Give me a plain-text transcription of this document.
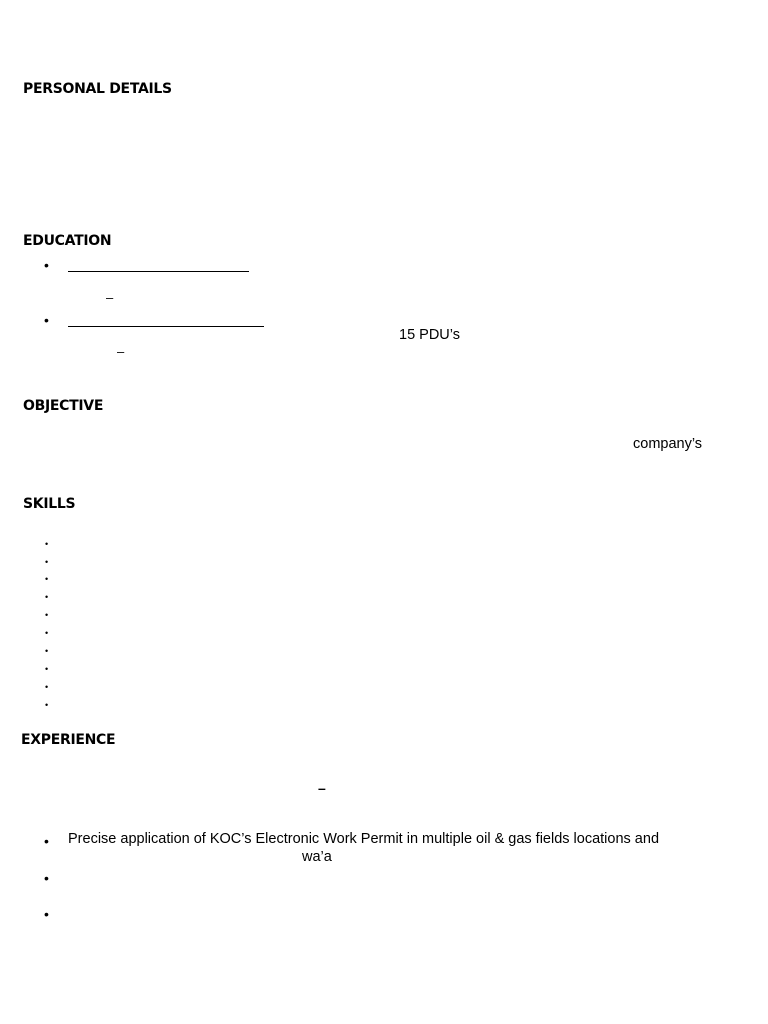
PERSONAL DETAILS
EDUCATION
•
–
•
15 PDU’s
–
OBJECTIVE
company’s
SKILLS
•
•
•
•
•
•
•
•
•
•
EXPERIENCE
–
• Precise application of KOC’s Electronic Work Permit in multiple oil & gas fields locations and
wa’a
•
•
